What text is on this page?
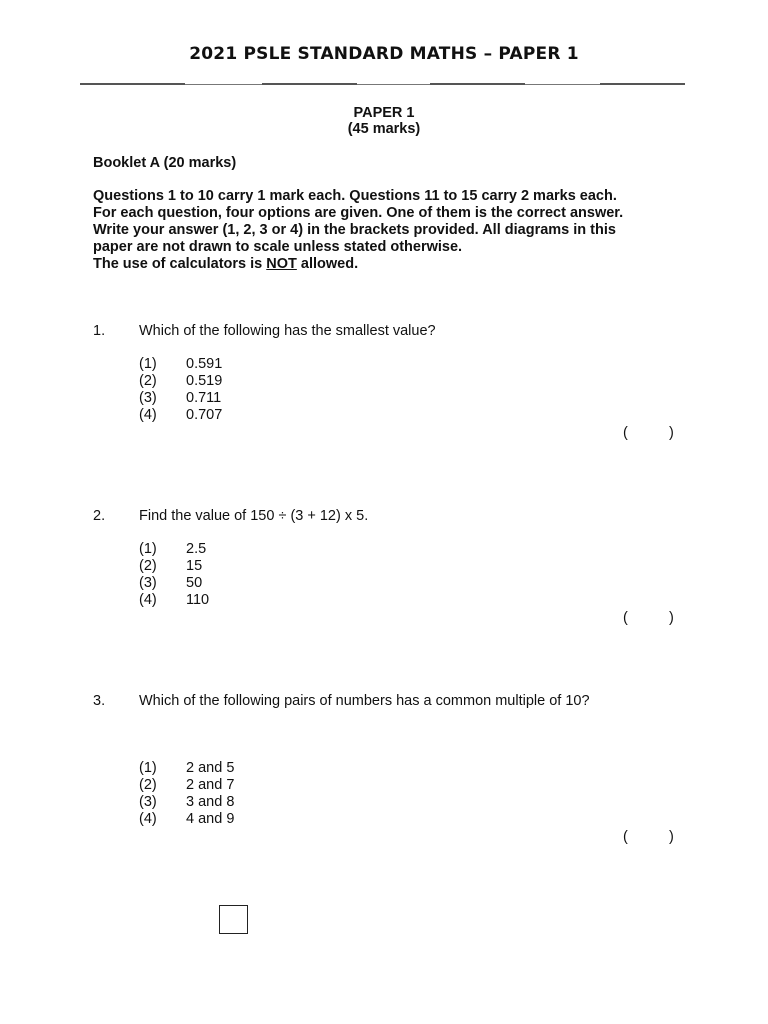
2021 PSLE STANDARD MATHS – PAPER 1
PAPER 1
(45 marks)
Booklet A (20 marks)
Questions 1 to 10 carry 1 mark each. Questions 11 to 15 carry 2 marks each.
For each question, four options are given. One of them is the correct answer.
Write your answer (1, 2, 3 or 4) in the brackets provided. All diagrams in this
paper are not drawn to scale unless stated otherwise.
The use of calculators is NOT allowed.
1. Which of the following has the smallest value?
(1) 0.591
(2) 0.519
(3) 0.711
(4) 0.707
(	)
2. Find the value of 150 ÷ (3 + 12) x 5.
(1) 2.5
(2) 15
(3) 50
(4) 110
(	)
3. Which of the following pairs of numbers has a common multiple of 10?
(1) 2 and 5
(2) 2 and 7
(3) 3 and 8
(4) 4 and 9
(	)
